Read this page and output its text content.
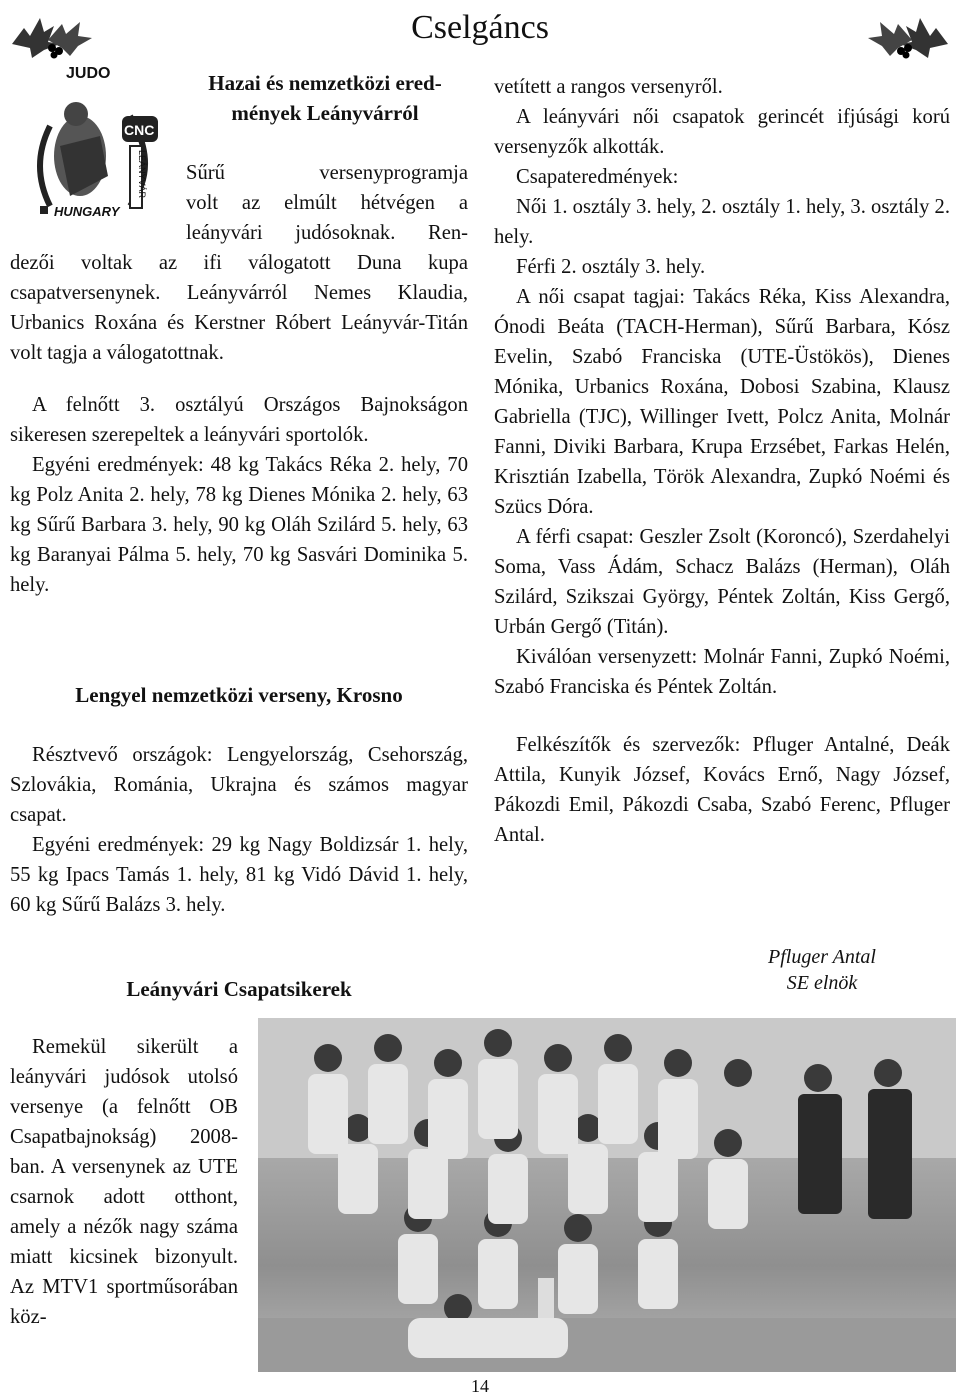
Cselgáncs
JUDO
CNC
LEÁNYVÁR
HUNGARY
Hazai és nemzetközi ered-
mények Leányvárról
Sűrű versenyprogramja
volt az elmúlt hétvégen a
leányvári judósoknak. Ren-

dezői voltak az ifi válogatott Duna kupa csapatversenynek. Leányvárról Nemes Klaudia, Urbanics Roxána és Kerstner Róbert Leányvár-Titán volt tagja a válogatottnak.

A felnőtt 3. osztályú Országos Bajnokságon sikeresen szerepeltek a leányvári sportolók.

Egyéni eredmények: 48 kg Takács Réka 2. hely, 70 kg Polz Anita 2. hely, 78 kg Dienes Mónika 2. hely, 63 kg Sűrű Barbara 3. hely, 90 kg Oláh Szilárd 5. hely, 63 kg Baranyai Pálma 5. hely, 70 kg Sasvári Dominika 5. hely.

Lengyel nemzetközi verseny, Krosno

Résztvevő országok: Lengyelország, Csehország, Szlovákia, Románia, Ukrajna és számos magyar csapat.

Egyéni eredmények: 29 kg Nagy Boldizsár 1. hely, 55 kg Ipacs Tamás 1. hely, 81 kg Vidó Dávid 1. hely, 60 kg Sűrű Balázs 3. hely.

Leányvári Csapatsikerek

Remekül sikerült a leányvári judósok utolsó versenye (a felnőtt OB Csapatbajnokság) 2008-ban. A versenynek az UTE csarnok adott otthont, amely a nézők nagy száma miatt kicsinek bizonyult. Az MTV1 sportműsorában köz-

vetített a rangos versenyről.

A leányvári női csapatok gerincét ifjúsági korú versenyzők alkották.

Csapateredmények:

Női 1. osztály 3. hely, 2. osztály 1. hely, 3. osztály 2. hely.

Férfi 2. osztály 3. hely.

A női csapat tagjai: Takács Réka, Kiss Alexandra, Ónodi Beáta (TACH-Herman), Sűrű Barbara, Kósz Evelin, Szabó Franciska (UTE-Üstökös), Dienes Mónika, Urbanics Roxána, Dobosi Szabina, Klausz Gabriella (TJC), Willinger Ivett, Polcz Anita, Molnár Fanni, Diviki Barbara, Krupa Erzsébet, Farkas Helén, Krisztián Izabella, Török Alexandra, Zupkó Noémi és Szücs Dóra.

A férfi csapat: Geszler Zsolt (Koroncó), Szerdahelyi Soma, Vass Ádám, Schacz Balázs (Herman), Oláh Szilárd, Szikszai György, Péntek Zoltán, Kiss Gergő, Urbán Gergő (Titán).

Kiválóan versenyzett: Molnár Fanni, Zupkó Noémi, Szabó Franciska és Péntek Zoltán.

Felkészítők és szervezők: Pfluger Antalné, Deák Attila, Kunyik József, Kovács Ernő, Nagy József, Pákozdi Emil, Pákozdi Csaba, Szabó Ferenc, Pfluger Antal.

Pfluger Antal
SE elnök
14
